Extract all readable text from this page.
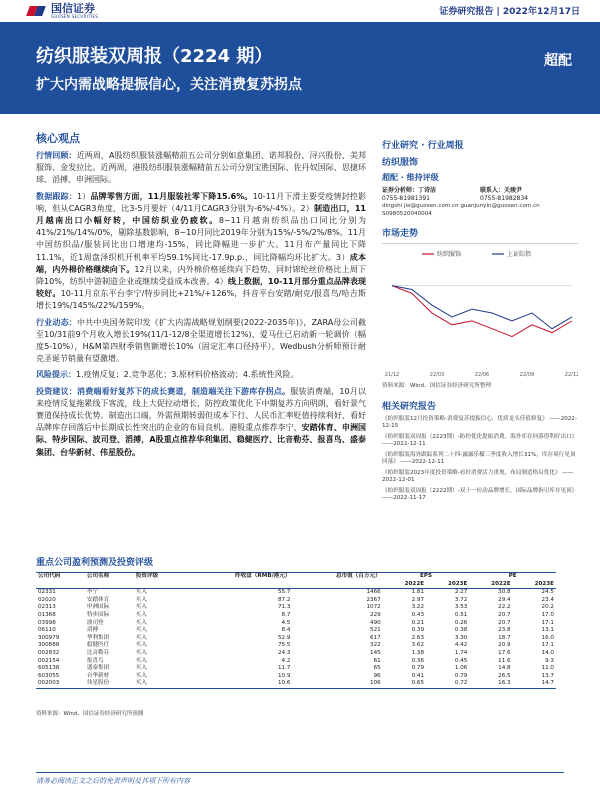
国信证券
GUOSEN SECURITIES	证券研究报告 | 2022年12月17日
纺织服装双周报（2224 期）
扩大内需战略提振信心，关注消费复苏拐点
超配
核心观点

行情回顾：近两周，A股纺织服装涨幅精前五公司分别如意集团、诺邦股份、浔兴股份、美邦服饰、金发拉比。近两周，港股纺织服装涨幅精前五公司分别宝胜国际、佐丹奴国际、思捷环球、滔搏、申洲国际。

数据跟踪：1）品牌零售方面，11月服装社零下降15.6%。10-11月下滑主要受疫情封控影响，但从CAGR3角度，比3-5月要好（4/11月CAGR3分别为-6%/-4%）。2）制造出口，11月越南出口小幅好转，中国纺织业仍疲软。8~11月越南纺织品出口同比分别为41%/21%/14%/0%，剔除基数影响，8~10月同比2019年分别为15%/-5%/2%/8%。11月中国纺织品/服装同比出口增速均-15%，同比降幅进一步扩大。11月布产量同比下降11.1%，近1周盘泽织机开机率平均59.1%同比-17.9p.p.，同比降幅均环比扩大。3）成本端，内外棉价格继续向下。12月以来，内外棉价格延续向下趋势，同时锦纶丝价格比上周下降10%，纺织中游制造企业或继续受益成本改善。4）线上数据，10-11月部分重点品牌表现较好。10-11月京东平台李宁/特步同比+21%/+126%，抖音平台安踏/耐克/报喜鸟/哈吉斯增长19%/145%/22%/159%。

行业动态：中共中央国务院印发《扩大内需战略规划纲要(2022-2035年)》，ZARA母公司截至10/31前9个月收入增长19%(11/1-12/8全渠道增长12%)、爱马仕已启动新一轮调价（幅度5-10%），H&M第四财季销售额增长10%（固定汇率口径持平），Wedbush分析师预计耐克圣诞节销量有望激增。

风险提示：1.疫情反复；2.竞争恶化；3.原材料价格波动；4.系统性风险。

投资建议：消费端看好复苏下的成长赛道，制造端关注下游库存拐点。服装消费端，10月以来疫情反复拖累线下客流，线上大促拉动增长，防控政策优化下中期复苏方向明朗，看好景气赛道保持成长优势。制造出口端，外需预期转弱但成本下行、人民币汇率贬值持续利好，看好品牌库存回落后中长期成长性突出的企业的布局良机。港股重点推荐李宁、安踏体育、申洲国际、特步国际、波司登、滔搏，A股重点推荐华利集团、稳健医疗、比音勒芬、报喜鸟、盛泰集团、台华新材、伟星股份。

重点公司盈利预测及投资评级
公司代码	公司名称	投资评级	昨收盘（RMB/港元）	总市值（百万元）	EPS		PE	
					2022E	2023E	2022E	2023E
02331	李宁	买入	55.7	1466	1.81	2.27	30.8	24.5
02020	安踏体育	买入	87.2	2367	2.97	3.72	29.4	23.4
02313	申洲国际	买入	71.3	1072	3.22	3.53	22.2	20.2
01368	特步国际	买入	8.7	229	0.43	0.51	20.7	17.0
03998	波司登	买入	4.5	490	0.21	0.26	20.7	17.1
06110	滔搏	买入	8.4	521	0.39	0.38	23.8	13.1
300979	华利集团	买入	52.9	617	2.63	3.30	18.7	16.0
300888	稳健医疗	买入	75.5	322	3.62	4.42	20.9	17.1
002832	比音勒芬	买入	24.3	145	1.38	1.74	17.6	14.0
002154	报喜鸟	买入	4.2	61	0.36	0.45	11.6	9.3
605138	盛泰集团	买入	11.7	65	0.79	1.06	14.8	11.0
603055	台华新材	买入	10.9	96	0.41	0.79	26.5	13.7
002003	伟星股份	买入	10.6	106	0.65	0.72	16.3	14.7
资料来源：Wind、国信证券经济研究所预测
行业研究 · 行业周报
纺织服饰
超配 · 维持评级
证券分析师：丁诗洁	联系人：关竣尹
0755-81981391	0755-81982834
dingshi jie@guosen.com.cn guanjunyin@guosen.com.cn
S0980520040004
市场走势
纺织服饰	上证综指
21/12	22/03	22/06	22/09	22/12
资料来源：Wind、国信证券经济研究所整理
相关研究报告
《纺织服装12月投资策略-消费复苏提振信心，优质龙头佳值修复》 ——2022-12-15
《纺织服装双周报（2223期）-防控优化提振消费，海外库存回落得利好出口》 ——2022-12-11
《纺织服装海外跟踪系列二十四-露露乐檬三季度收入增长31%，库存周行见顶回落》 ——2022-12-11
《纺织服装2023年度投资策略-看好消费活力重现，布局制造格局优化》 ——2022-12-01
《纺织服装双周报（2222期）-双十一拉动品牌增长，国际品牌指引库存见顶》 ——2022-11-17
请务必阅读正文之后的免责声明及其项下所有内容
